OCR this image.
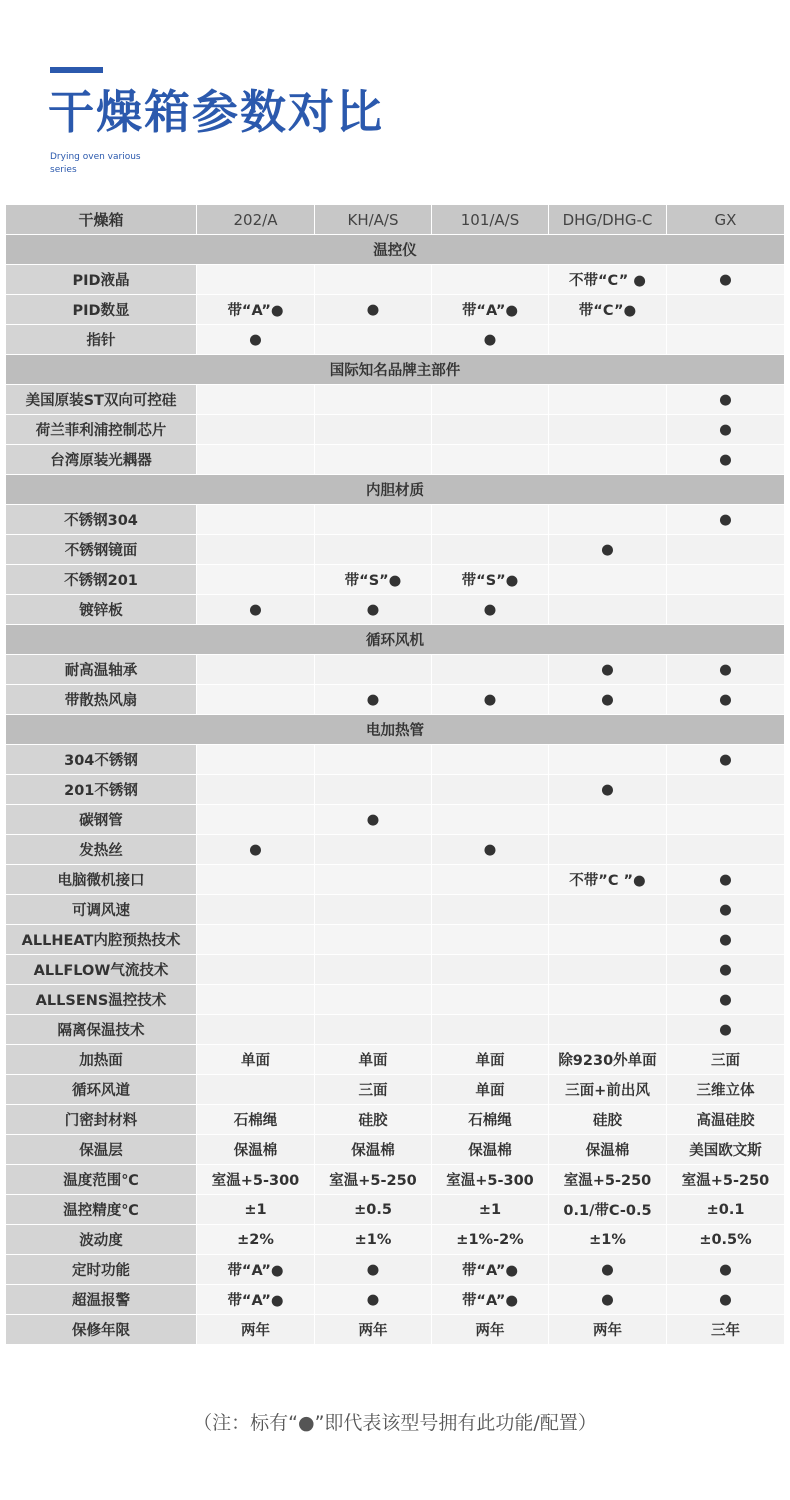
干燥箱参数对比
Drying oven various
series
干燥箱	202/A	KH/A/S	101/A/S	DHG/DHG-C	GX
温控仪					
PID液晶				不带“C” ●	●
PID数显	带“A”●	●	带“A”●	带“C”●	
指针	●		●		
国际知名品牌主部件					
美国原装ST双向可控硅					●
荷兰菲利浦控制芯片					●
台湾原装光耦器					●
内胆材质					
不锈钢304					●
不锈钢镜面				●	
不锈钢201		带“S”●	带“S”●		
镀锌板	●	●	●		
循环风机					
耐高温轴承				●	●
带散热风扇		●	●	●	●
电加热管					
304不锈钢					●
201不锈钢				●	
碳钢管		●			
发热丝	●		●		
电脑微机接口				不带”C ”●	●
可调风速					●
ALLHEAT内腔预热技术					●
ALLFLOW气流技术					●
ALLSENS温控技术					●
隔离保温技术					●
加热面	单面	单面	单面	除9230外单面	三面
循环风道		三面	单面	三面+前出风	三维立体
门密封材料	石棉绳	硅胶	石棉绳	硅胶	高温硅胶
保温层	保温棉	保温棉	保温棉	保温棉	美国欧文斯
温度范围℃	室温+5-300	室温+5-250	室温+5-300	室温+5-250	室温+5-250
温控精度℃	±1	±0.5	±1	0.1/带C-0.5	±0.1
波动度	±2%	±1%	±1%-2%	±1%	±0.5%
定时功能	带“A”●	●	带“A”●	●	●
超温报警	带“A”●	●	带“A”●	●	●
保修年限	两年	两年	两年	两年	三年
（注：标有“●”即代表该型号拥有此功能/配置）
